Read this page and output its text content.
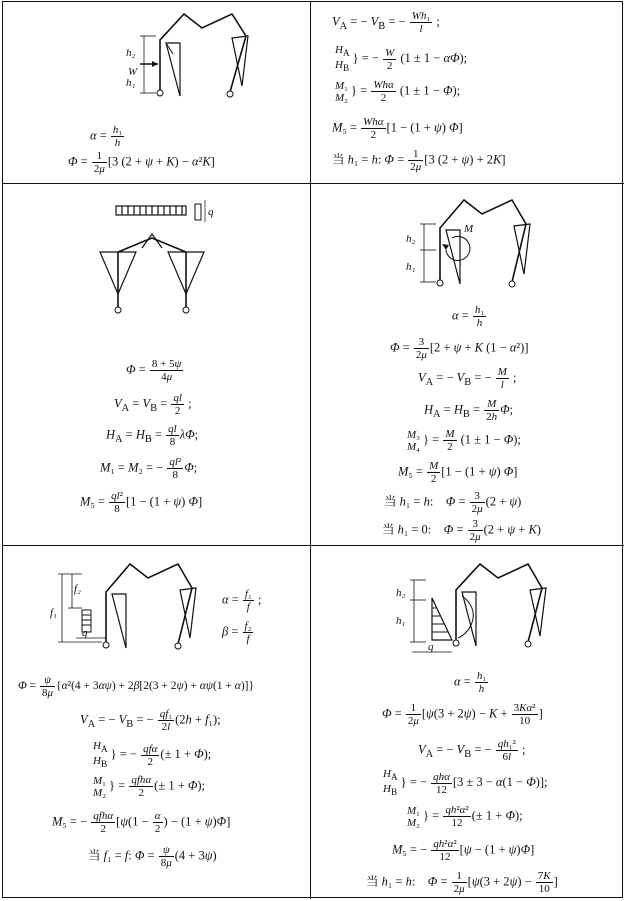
h₂
W
h₁
$\alpha = \frac{\text{h₁}}{h}$
$\Phi = \frac{1}{2\mu} [3$ (2 + ψ + K) − α²K]
$V_A$ = − $V_B$ = − $\frac{\text{Wh₁}}{l}$ ;
$H_A$
$H_B$
} = − $\frac{W}{2} (1 \pm 1 - \alpha\Phi)$;
M₁
M₂
} = $\frac{\text{Whα}}{2} (1 \pm 1 - \Phi)$;
$M_5 = \frac{\text{Whα}}{2} [1 - (1 + \psi)$ Φ]
当 h₁ = h: $\Phi = \frac{1}{2\mu} [3$ (2 + ψ) + 2K]
q
$\Phi = \frac{8 + 5\psi}{4\mu}$
$V_A = V_B = \frac{ql}{2}$ ;
$H_A = H_B = \frac{ql}{8} \lambda\Phi$;
M₁ = M₂ = − $\frac{\text{ql²}}{8} \Phi$;
$M_5 = \frac{\text{ql²}}{8} [1 - (1 + \psi)$ Φ]
M
h₂
h₁
$\alpha = \frac{\text{h₁}}{h}$
$\Phi = \frac{3}{2\mu} [2 + \psi + K$ (1 − α²)]
$V_A$ = − $V_B$ = − $\frac{M}{l}$ ;
$H_A = H_B = \frac{M}{2h} \Phi$;
M₃
M₄
} = $\frac{M}{2} (1 \pm 1 - \Phi)$;
$M_5 = \frac{M}{2} [1 - (1 + \psi)$ Φ]
当 h₁ = h:    $\Phi = \frac{3}{2\mu} (2 + \psi)$
当 h₁ = 0:    $\Phi = \frac{3}{2\mu} (2 + \psi + K)$
f₁
f₂
q
$\alpha = \frac{\text{f₁}}{f}$ ;
$\beta = \frac{\text{f₂}}{f}$
$\Phi = \frac{\psi}{8\mu} \{\alpha^2(4 + 3\alpha\psi) + 2\beta[2(3 + 2\psi) + \alpha\psi(1 + \alpha)]\}$
$V_A$ = − $V_B$ = − $\frac{\text{qf₁}}{2l} (2h + f_1)$;
$H_A$
$H_B$
} = − $\frac{\text{qfα}}{2}$ (± 1 + Φ);
M₁
M₂
} = $\frac{\text{qfhα}}{2}$ (± 1 + Φ);
M₅ = − $\frac{\text{qfhα}}{2} [\psi(1 - \frac{\alpha}{2}$ ) − (1 + ψ)Φ]
当 f₁ = f: $\Phi = \frac{\psi}{8\mu} (4 + 3\psi)$
h₂
h₁
q
$\alpha = \frac{\text{h₁}}{h}$
$\Phi = \frac{1}{2\mu} [\psi(3 + 2\psi) - K + \frac{\text{3Kα²}}{10}$ ]
$V_A$ = − $V_B$ = − $\frac{\text{qh₁²}}{6l}$ ;
$H_A$
$H_B$
} = − $\frac{\text{qhα}}{12} [3 \pm 3 - \alpha(1 - \Phi)]$;
M₁
M₂
} = $\frac{\text{qh²α²}}{12}$ (± 1 + Φ);
M₅ = − $\frac{\text{qh²α²}}{12} [\psi - (1 + \psi)\Phi]$
当 h₁ = h:    $\Phi = \frac{1}{2\mu} [\psi(3 + 2\psi) - \frac{7K}{10}$ ]
